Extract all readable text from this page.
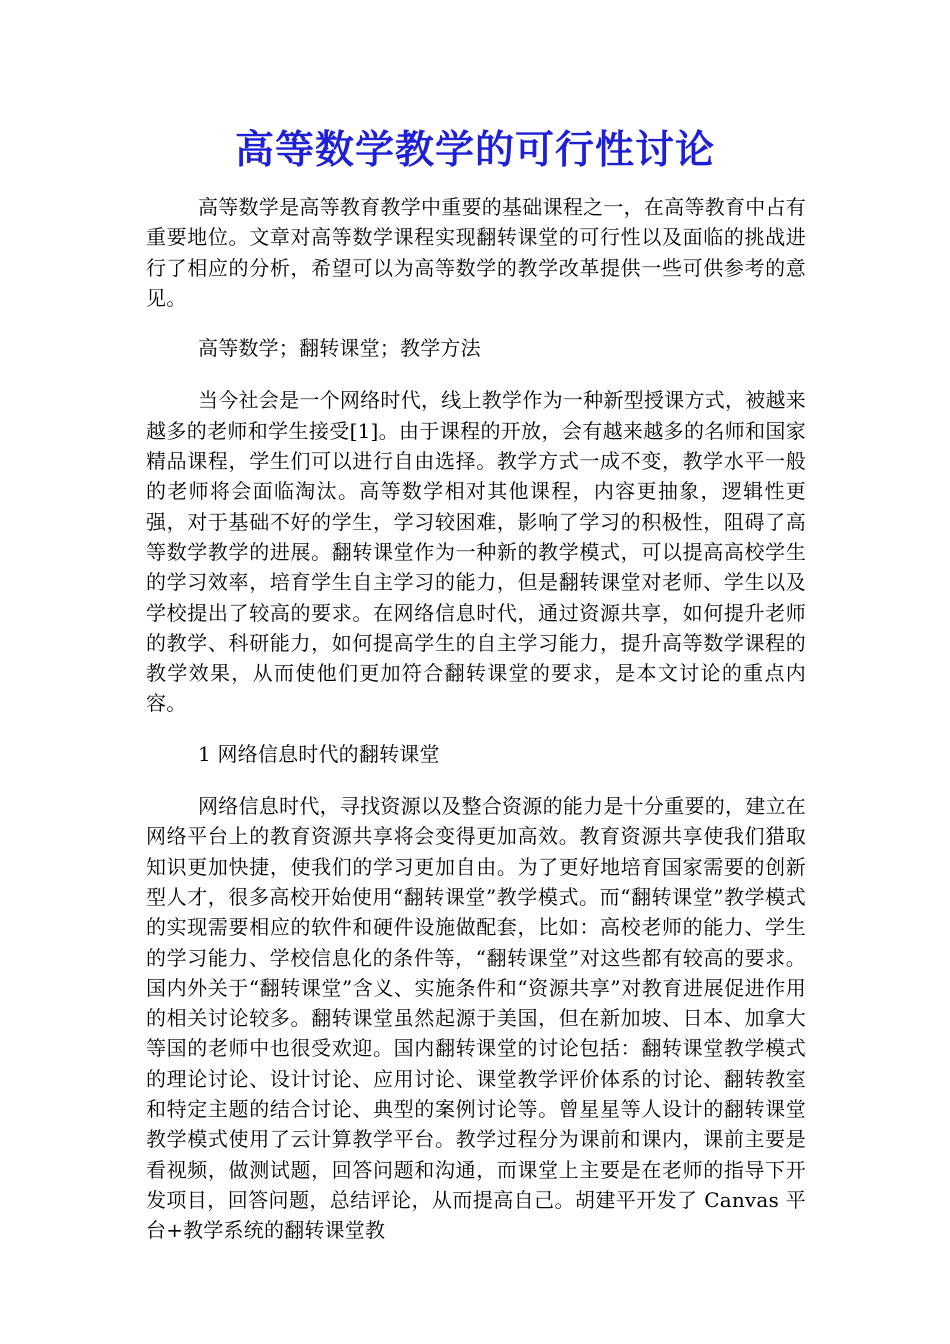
高等数学教学的可行性讨论

高等数学是高等教育教学中重要的基础课程之一，在高等教育中占有重要地位。文章对高等数学课程实现翻转课堂的可行性以及面临的挑战进行了相应的分析，希望可以为高等数学的教学改革提供一些可供参考的意见。

高等数学；翻转课堂；教学方法

当今社会是一个网络时代，线上教学作为一种新型授课方式，被越来越多的老师和学生接受[1]。由于课程的开放，会有越来越多的名师和国家精品课程，学生们可以进行自由选择。教学方式一成不变，教学水平一般的老师将会面临淘汰。高等数学相对其他课程，内容更抽象，逻辑性更强，对于基础不好的学生，学习较困难，影响了学习的积极性，阻碍了高等数学教学的进展。翻转课堂作为一种新的教学模式，可以提高高校学生的学习效率，培育学生自主学习的能力，但是翻转课堂对老师、学生以及学校提出了较高的要求。在网络信息时代，通过资源共享，如何提升老师的教学、科研能力，如何提高学生的自主学习能力，提升高等数学课程的教学效果，从而使他们更加符合翻转课堂的要求，是本文讨论的重点内容。

1 网络信息时代的翻转课堂

网络信息时代，寻找资源以及整合资源的能力是十分重要的，建立在网络平台上的教育资源共享将会变得更加高效。教育资源共享使我们猎取知识更加快捷，使我们的学习更加自由。为了更好地培育国家需要的创新型人才，很多高校开始使用“翻转课堂”教学模式。而“翻转课堂”教学模式的实现需要相应的软件和硬件设施做配套，比如：高校老师的能力、学生的学习能力、学校信息化的条件等，“翻转课堂”对这些都有较高的要求。国内外关于“翻转课堂”含义、实施条件和“资源共享”对教育进展促进作用的相关讨论较多。翻转课堂虽然起源于美国，但在新加坡、日本、加拿大等国的老师中也很受欢迎。国内翻转课堂的讨论包括：翻转课堂教学模式的理论讨论、设计讨论、应用讨论、课堂教学评价体系的讨论、翻转教室和特定主题的结合讨论、典型的案例讨论等。曾星星等人设计的翻转课堂教学模式使用了云计算教学平台。教学过程分为课前和课内，课前主要是看视频，做测试题，回答问题和沟通，而课堂上主要是在老师的指导下开发项目，回答问题，总结评论，从而提高自己。胡建平开发了 Canvas 平台+教学系统的翻转课堂教
